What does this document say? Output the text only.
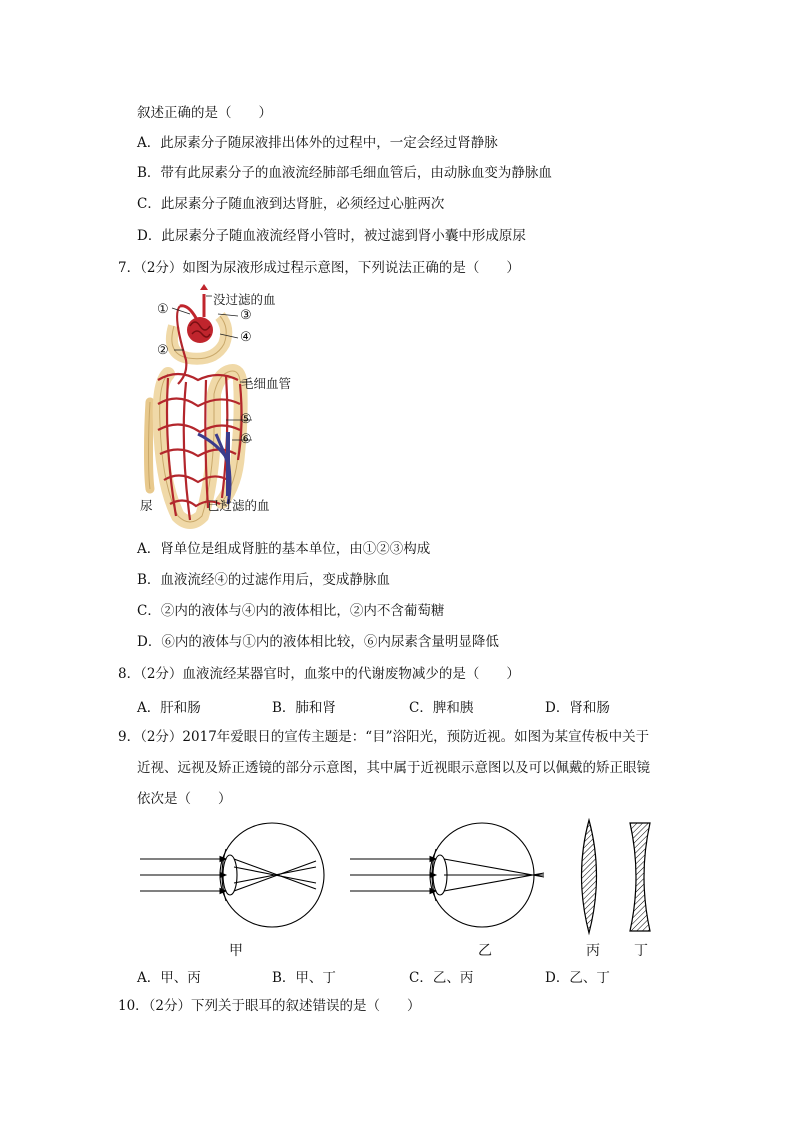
叙述正确的是（　　）
A．此尿素分子随尿液排出体外的过程中，一定会经过肾静脉
B．带有此尿素分子的血液流经肺部毛细血管后，由动脉血变为静脉血
C．此尿素分子随血液到达肾脏，必须经过心脏两次
D．此尿素分子随血液流经肾小管时，被过滤到肾小囊中形成原尿
7．（2分）如图为尿液形成过程示意图，下列说法正确的是（　　）
没过滤的血
①	③
④
②
毛细血管
⑤
⑥
尿	已过滤的血
A．肾单位是组成肾脏的基本单位，由①②③构成
B．血液流经④的过滤作用后，变成静脉血
C．②内的液体与④内的液体相比，②内不含葡萄糖
D．⑥内的液体与①内的液体相比较，⑥内尿素含量明显降低
8．（2分）血液流经某器官时，血浆中的代谢废物减少的是（　　）
A．肝和肠	B．肺和肾	C．脾和胰	D．肾和肠
9．（2分）2017年爱眼日的宣传主题是：“目”浴阳光，预防近视。如图为某宣传板中关于
近视、远视及矫正透镜的部分示意图，其中属于近视眼示意图以及可以佩戴的矫正眼镜
依次是（　　）
甲	乙	丙 丁
A．甲、丙	B．甲、丁	C．乙、丙	D．乙、丁
10．（2分）下列关于眼耳的叙述错误的是（　　）
